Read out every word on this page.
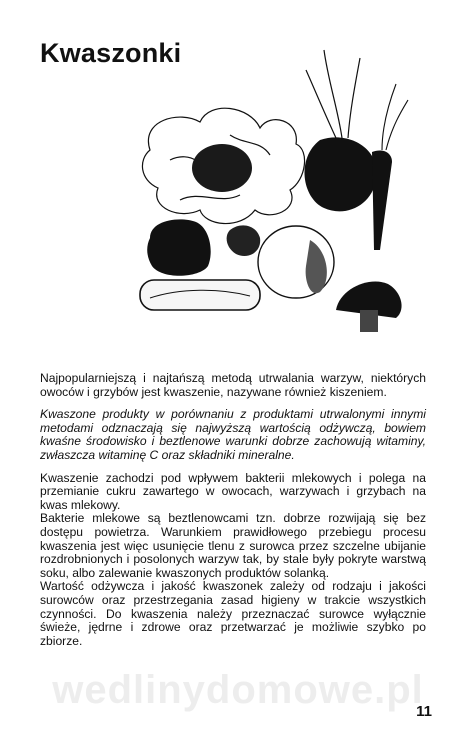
Kwaszonki

Najpopularniejszą i najtańszą metodą utrwalania warzyw, niektórych owoców i grzybów jest kwaszenie, nazywane również kiszeniem.

Kwaszone produkty w porównaniu z produktami utrwalonymi innymi metodami odznaczają się najwyższą wartością odżywczą, bowiem kwaśne środowisko i beztlenowe warunki dobrze zachowują witaminy, zwłaszcza witaminę C oraz składniki mineralne.

Kwaszenie zachodzi pod wpływem bakterii mlekowych i polega na przemianie cukru zawartego w owocach, warzywach i grzybach na kwas mlekowy.

Bakterie mlekowe są beztlenowcami tzn. dobrze rozwijają się bez dostępu powietrza. Warunkiem prawidłowego przebiegu procesu kwaszenia jest więc usunięcie tlenu z surowca przez szczelne ubijanie rozdrobnionych i posolonych warzyw tak, by stale były pokryte warstwą soku, albo zalewanie kwaszonych produktów solanką.

Wartość odżywcza i jakość kwaszonek zależy od rodzaju i jakości surowców oraz przestrzegania zasad higieny w trakcie wszystkich czynności. Do kwaszenia należy przeznaczać surowce wyłącznie świeże, jędrne i zdrowe oraz przetwarzać je możliwie szybko po zbiorze.

wedlinydomowe.pl
11
